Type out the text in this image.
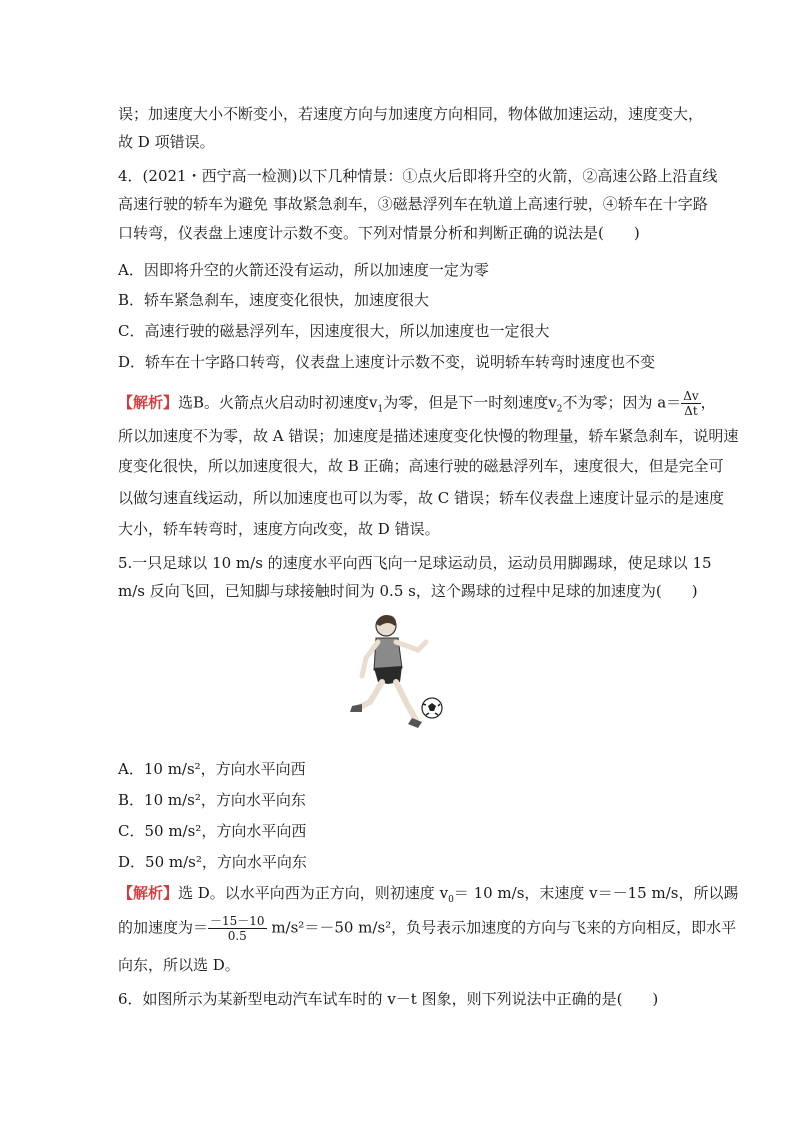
误；加速度大小不断变小，若速度方向与加速度方向相同，物体做加速运动，速度变大，
故 D 项错误。
4．(2021・西宁高一检测)以下几种情景：①点火后即将升空的火箭，②高速公路上沿直线
高速行驶的轿车为避免 事故紧急刹车，③磁悬浮列车在轨道上高速行驶，④轿车在十字路
口转弯，仪表盘上速度计示数不变。下列对情景分析和判断正确的说法是(　　)
A．因即将升空的火箭还没有运动，所以加速度一定为零
B．轿车紧急刹车，速度变化很快，加速度很大
C．高速行驶的磁悬浮列车，因速度很大，所以加速度也一定很大
D．轿车在十字路口转弯，仪表盘上速度计示数不变，说明轿车转弯时速度也不变
【解析】选B。火箭点火启动时初速度$v_1$为零，但是下一时刻速度$v_2$不为零；因为 $a= \frac{\Delta v}{\Delta t}$ ，
所以加速度不为零，故 A 错误；加速度是描述速度变化快慢的物理量，轿车紧急刹车，说明速
度变化很快，所以加速度很大，故 B 正确；高速行驶的磁悬浮列车，速度很大，但是完全可
以做匀速直线运动，所以加速度也可以为零，故 C 错误；轿车仪表盘上速度计显示的是速度
大小，轿车转弯时，速度方向改变，故 D 错误。
5.一只足球以 10 m/s 的速度水平向西飞向一足球运动员，运动员用脚踢球，使足球以 15
m/s 反向飞回，已知脚与球接触时间为 0.5 s，这个踢球的过程中足球的加速度为(　　)
A．10 m/s²，方向水平向西
B．10 m/s²，方向水平向东
C．50 m/s²，方向水平向西
D．50 m/s²，方向水平向东
【解析】选 D。以水平向西为正方向，则初速度 $v_0= 10$ m/s，末速度 v＝－15 m/s，所以踢
的加速度为＝ $\frac{-15-10}{0.5} m/s^2=-50$ m/s²，负号表示加速度的方向与飞来的方向相反，即水平
向东，所以选 D。
6．如图所示为某新型电动汽车试车时的 v－t 图象，则下列说法中正确的是(　　)
